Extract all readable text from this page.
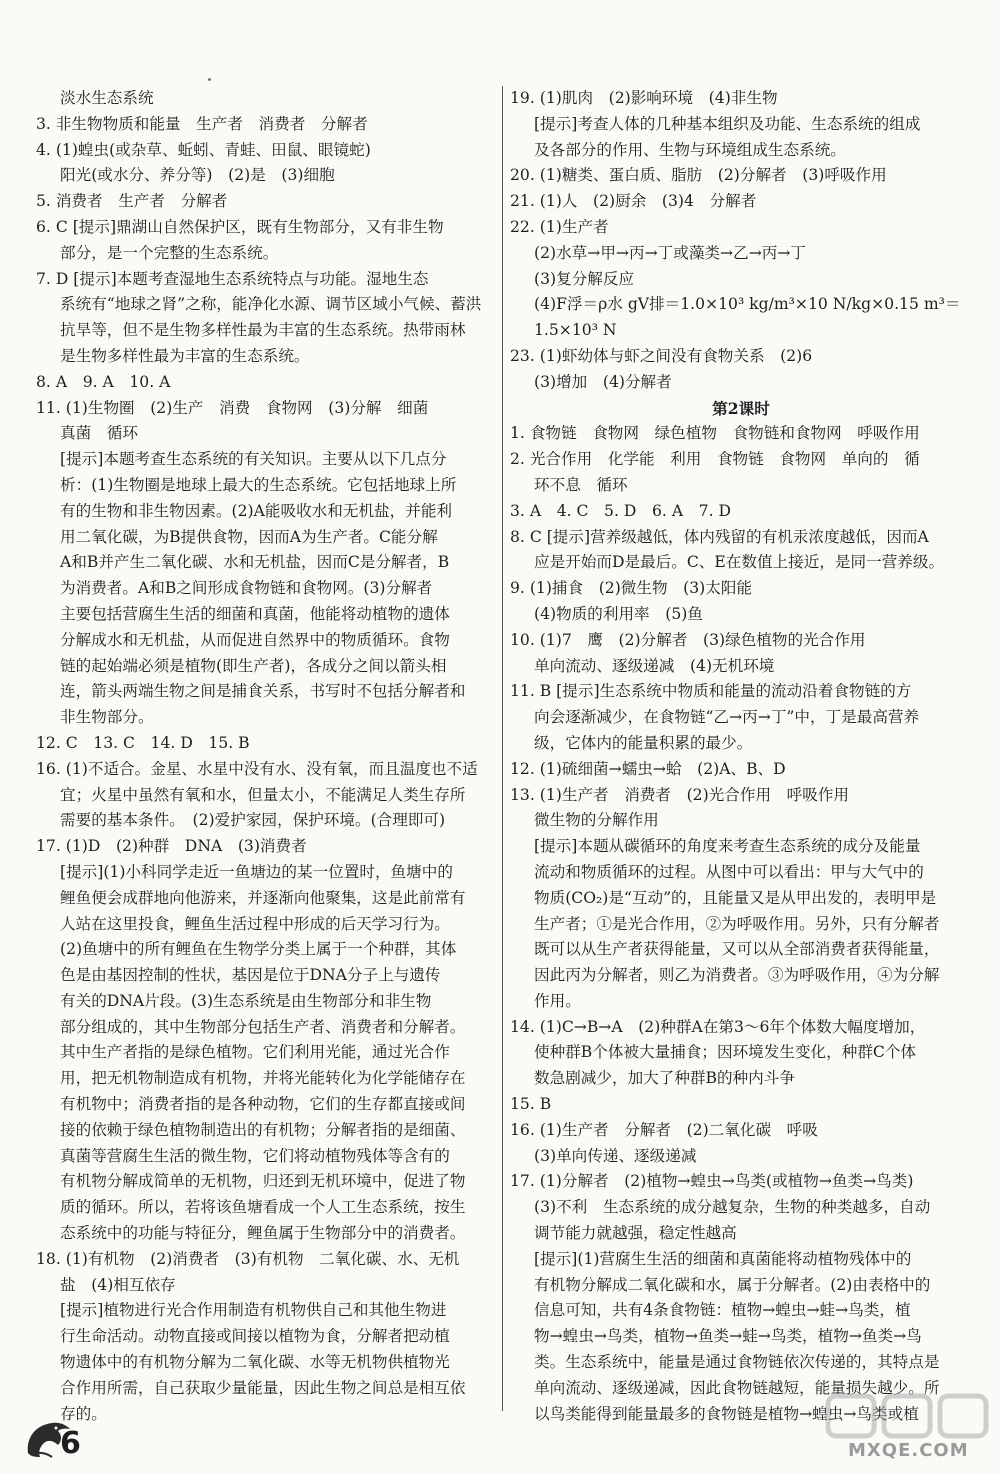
淡水生态系统
3. 非生物物质和能量　生产者　消费者　分解者
4. (1)蝗虫(或杂草、蚯蚓、青蛙、田鼠、眼镜蛇)
阳光(或水分、养分等)　(2)是　(3)细胞
5. 消费者　生产者　分解者
6. C [提示]鼎湖山自然保护区，既有生物部分，又有非生物
部分，是一个完整的生态系统。
7. D [提示]本题考查湿地生态系统特点与功能。湿地生态
系统有“地球之肾”之称，能净化水源、调节区域小气候、蓄洪
抗旱等，但不是生物多样性最为丰富的生态系统。热带雨林
是生物多样性最为丰富的生态系统。
8. A　9. A　10. A
11. (1)生物圈　(2)生产　消费　食物网　(3)分解　细菌
真菌　循环
[提示]本题考查生态系统的有关知识。主要从以下几点分
析：(1)生物圈是地球上最大的生态系统。它包括地球上所
有的生物和非生物因素。(2)A能吸收水和无机盐，并能利
用二氧化碳，为B提供食物，因而A为生产者。C能分解
A和B并产生二氧化碳、水和无机盐，因而C是分解者，B
为消费者。A和B之间形成食物链和食物网。(3)分解者
主要包括营腐生生活的细菌和真菌，他能将动植物的遗体
分解成水和无机盐，从而促进自然界中的物质循环。食物
链的起始端必须是植物(即生产者)，各成分之间以箭头相
连，箭头两端生物之间是捕食关系，书写时不包括分解者和
非生物部分。
12. C　13. C　14. D　15. B
16. (1)不适合。金星、水星中没有水、没有氧，而且温度也不适
宜；火星中虽然有氧和水，但量太小，不能满足人类生存所
需要的基本条件。　(2)爱护家园，保护环境。(合理即可)
17. (1)D　(2)种群　DNA　(3)消费者
[提示](1)小科同学走近一鱼塘边的某一位置时，鱼塘中的
鲤鱼便会成群地向他游来，并逐渐向他聚集，这是此前常有
人站在这里投食，鲤鱼生活过程中形成的后天学习行为。
(2)鱼塘中的所有鲤鱼在生物学分类上属于一个种群，其体
色是由基因控制的性状，基因是位于DNA分子上与遗传
有关的DNA片段。(3)生态系统是由生物部分和非生物
部分组成的，其中生物部分包括生产者、消费者和分解者。
其中生产者指的是绿色植物。它们利用光能，通过光合作
用，把无机物制造成有机物，并将光能转化为化学能储存在
有机物中；消费者指的是各种动物，它们的生存都直接或间
接的依赖于绿色植物制造出的有机物；分解者指的是细菌、
真菌等营腐生生活的微生物，它们将动植物残体等含有的
有机物分解成简单的无机物，归还到无机环境中，促进了物
质的循环。所以，若将该鱼塘看成一个人工生态系统，按生
态系统中的功能与特征分，鲤鱼属于生物部分中的消费者。
18. (1)有机物　(2)消费者　(3)有机物　二氧化碳、水、无机
盐　(4)相互依存
[提示]植物进行光合作用制造有机物供自己和其他生物进
行生命活动。动物直接或间接以植物为食，分解者把动植
物遗体中的有机物分解为二氧化碳、水等无机物供植物光
合作用所需，自己获取少量能量，因此生物之间总是相互依
存的。
19. (1)肌肉　(2)影响环境　(4)非生物
[提示]考查人体的几种基本组织及功能、生态系统的组成
及各部分的作用、生物与环境组成生态系统。
20. (1)糖类、蛋白质、脂肪　(2)分解者　(3)呼吸作用
21. (1)人　(2)厨余　(3)4　分解者
22. (1)生产者
(2)水草→甲→丙→丁或藻类→乙→丙→丁
(3)复分解反应
(4)F浮＝ρ水 gV排＝1.0×10³ kg/m³×10 N/kg×0.15 m³＝
1.5×10³ N
23. (1)虾幼体与虾之间没有食物关系　(2)6
(3)增加　(4)分解者
第2课时
1. 食物链　食物网　绿色植物　食物链和食物网　呼吸作用
2. 光合作用　化学能　利用　食物链　食物网　单向的　循
环不息　循环
3. A　4. C　5. D　6. A　7. D
8. C [提示]营养级越低，体内残留的有机汞浓度越低，因而A
应是开始而D是最后。C、E在数值上接近，是同一营养级。
9. (1)捕食　(2)微生物　(3)太阳能
(4)物质的利用率　(5)鱼
10. (1)7　鹰　(2)分解者　(3)绿色植物的光合作用
单向流动、逐级递减　(4)无机环境
11. B [提示]生态系统中物质和能量的流动沿着食物链的方
向会逐渐减少，在食物链“乙→丙→丁”中，丁是最高营养
级，它体内的能量积累的最少。
12. (1)硫细菌→蠕虫→蛤　(2)A、B、D
13. (1)生产者　消费者　(2)光合作用　呼吸作用
微生物的分解作用
[提示]本题从碳循环的角度来考查生态系统的成分及能量
流动和物质循环的过程。从图中可以看出：甲与大气中的
物质(CO₂)是“互动”的，且能量又是从甲出发的，表明甲是
生产者；①是光合作用，②为呼吸作用。另外，只有分解者
既可以从生产者获得能量，又可以从全部消费者获得能量，
因此丙为分解者，则乙为消费者。③为呼吸作用，④为分解
作用。
14. (1)C→B→A　(2)种群A在第3～6年个体数大幅度增加，
使种群B个体被大量捕食；因环境发生变化，种群C个体
数急剧减少，加大了种群B的种内斗争
15. B
16. (1)生产者　分解者　(2)二氧化碳　呼吸
(3)单向传递、逐级递减
17. (1)分解者　(2)植物→蝗虫→鸟类(或植物→鱼类→鸟类)
(3)不利　生态系统的成分越复杂，生物的种类越多，自动
调节能力就越强，稳定性越高
[提示](1)营腐生生活的细菌和真菌能将动植物残体中的
有机物分解成二氧化碳和水，属于分解者。(2)由表格中的
信息可知，共有4条食物链：植物→蝗虫→蛙→鸟类，植
物→蝗虫→鸟类，植物→鱼类→蛙→鸟类，植物→鱼类→鸟
类。生态系统中，能量是通过食物链依次传递的，其特点是
单向流动、逐级递减，因此食物链越短，能量损失越少。所
以鸟类能得到能量最多的食物链是植物→蝗虫→鸟类或植
6	MXQE.COM
